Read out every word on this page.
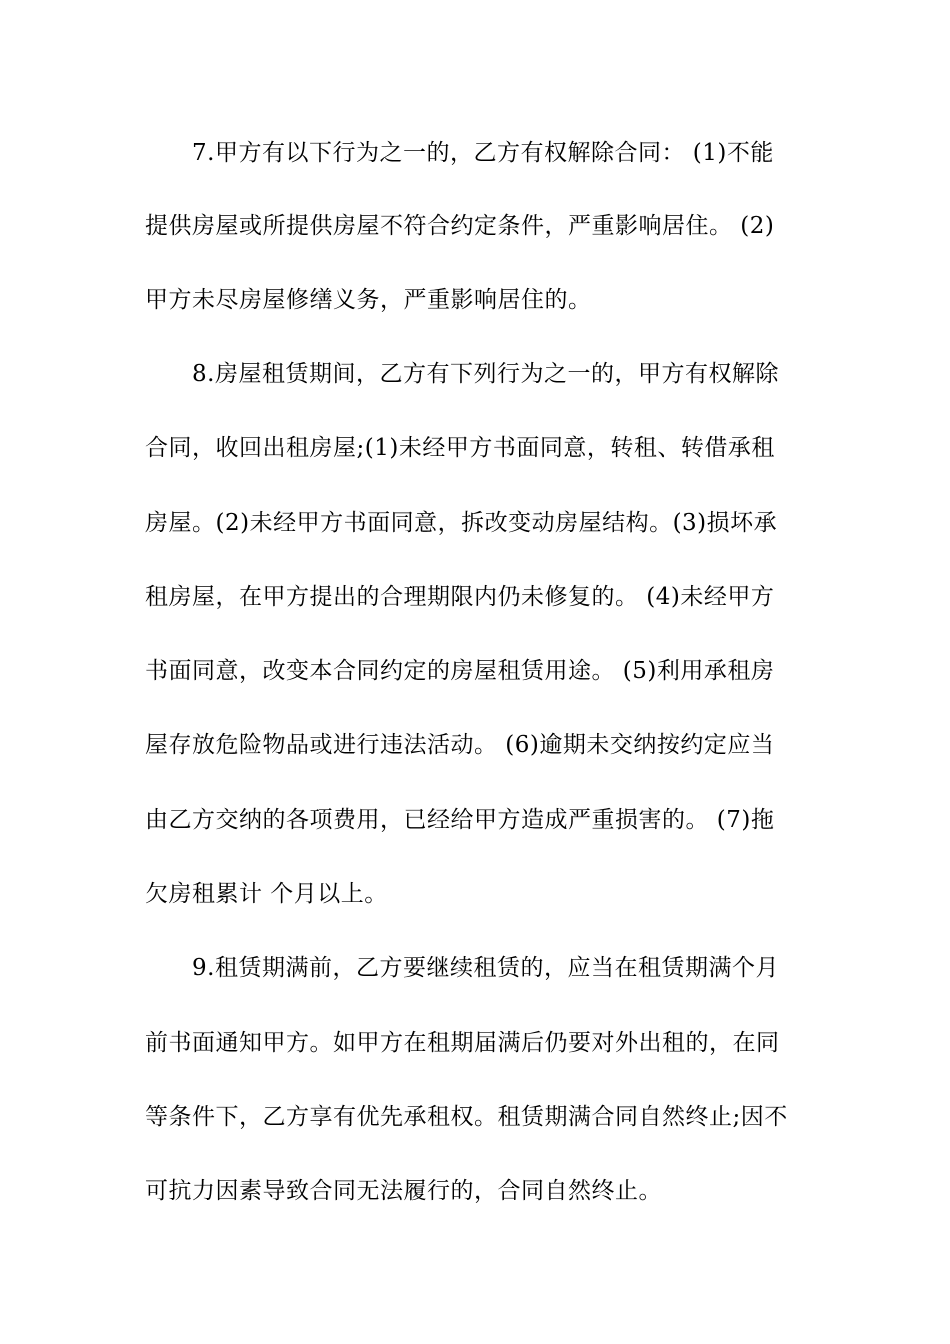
7.甲方有以下行为之一的，乙方有权解除合同： (1)不能
提供房屋或所提供房屋不符合约定条件，严重影响居住。 (2)
甲方未尽房屋修缮义务，严重影响居住的。
8.房屋租赁期间，乙方有下列行为之一的，甲方有权解除
合同，收回出租房屋;(1)未经甲方书面同意，转租、转借承租
房屋。(2)未经甲方书面同意，拆改变动房屋结构。(3)损坏承
租房屋，在甲方提出的合理期限内仍未修复的。 (4)未经甲方
书面同意，改变本合同约定的房屋租赁用途。 (5)利用承租房
屋存放危险物品或进行违法活动。 (6)逾期未交纳按约定应当
由乙方交纳的各项费用，已经给甲方造成严重损害的。 (7)拖
欠房租累计 个月以上。
9.租赁期满前，乙方要继续租赁的，应当在租赁期满个月
前书面通知甲方。如甲方在租期届满后仍要对外出租的，在同
等条件下，乙方享有优先承租权。租赁期满合同自然终止;因不
可抗力因素导致合同无法履行的，合同自然终止。
